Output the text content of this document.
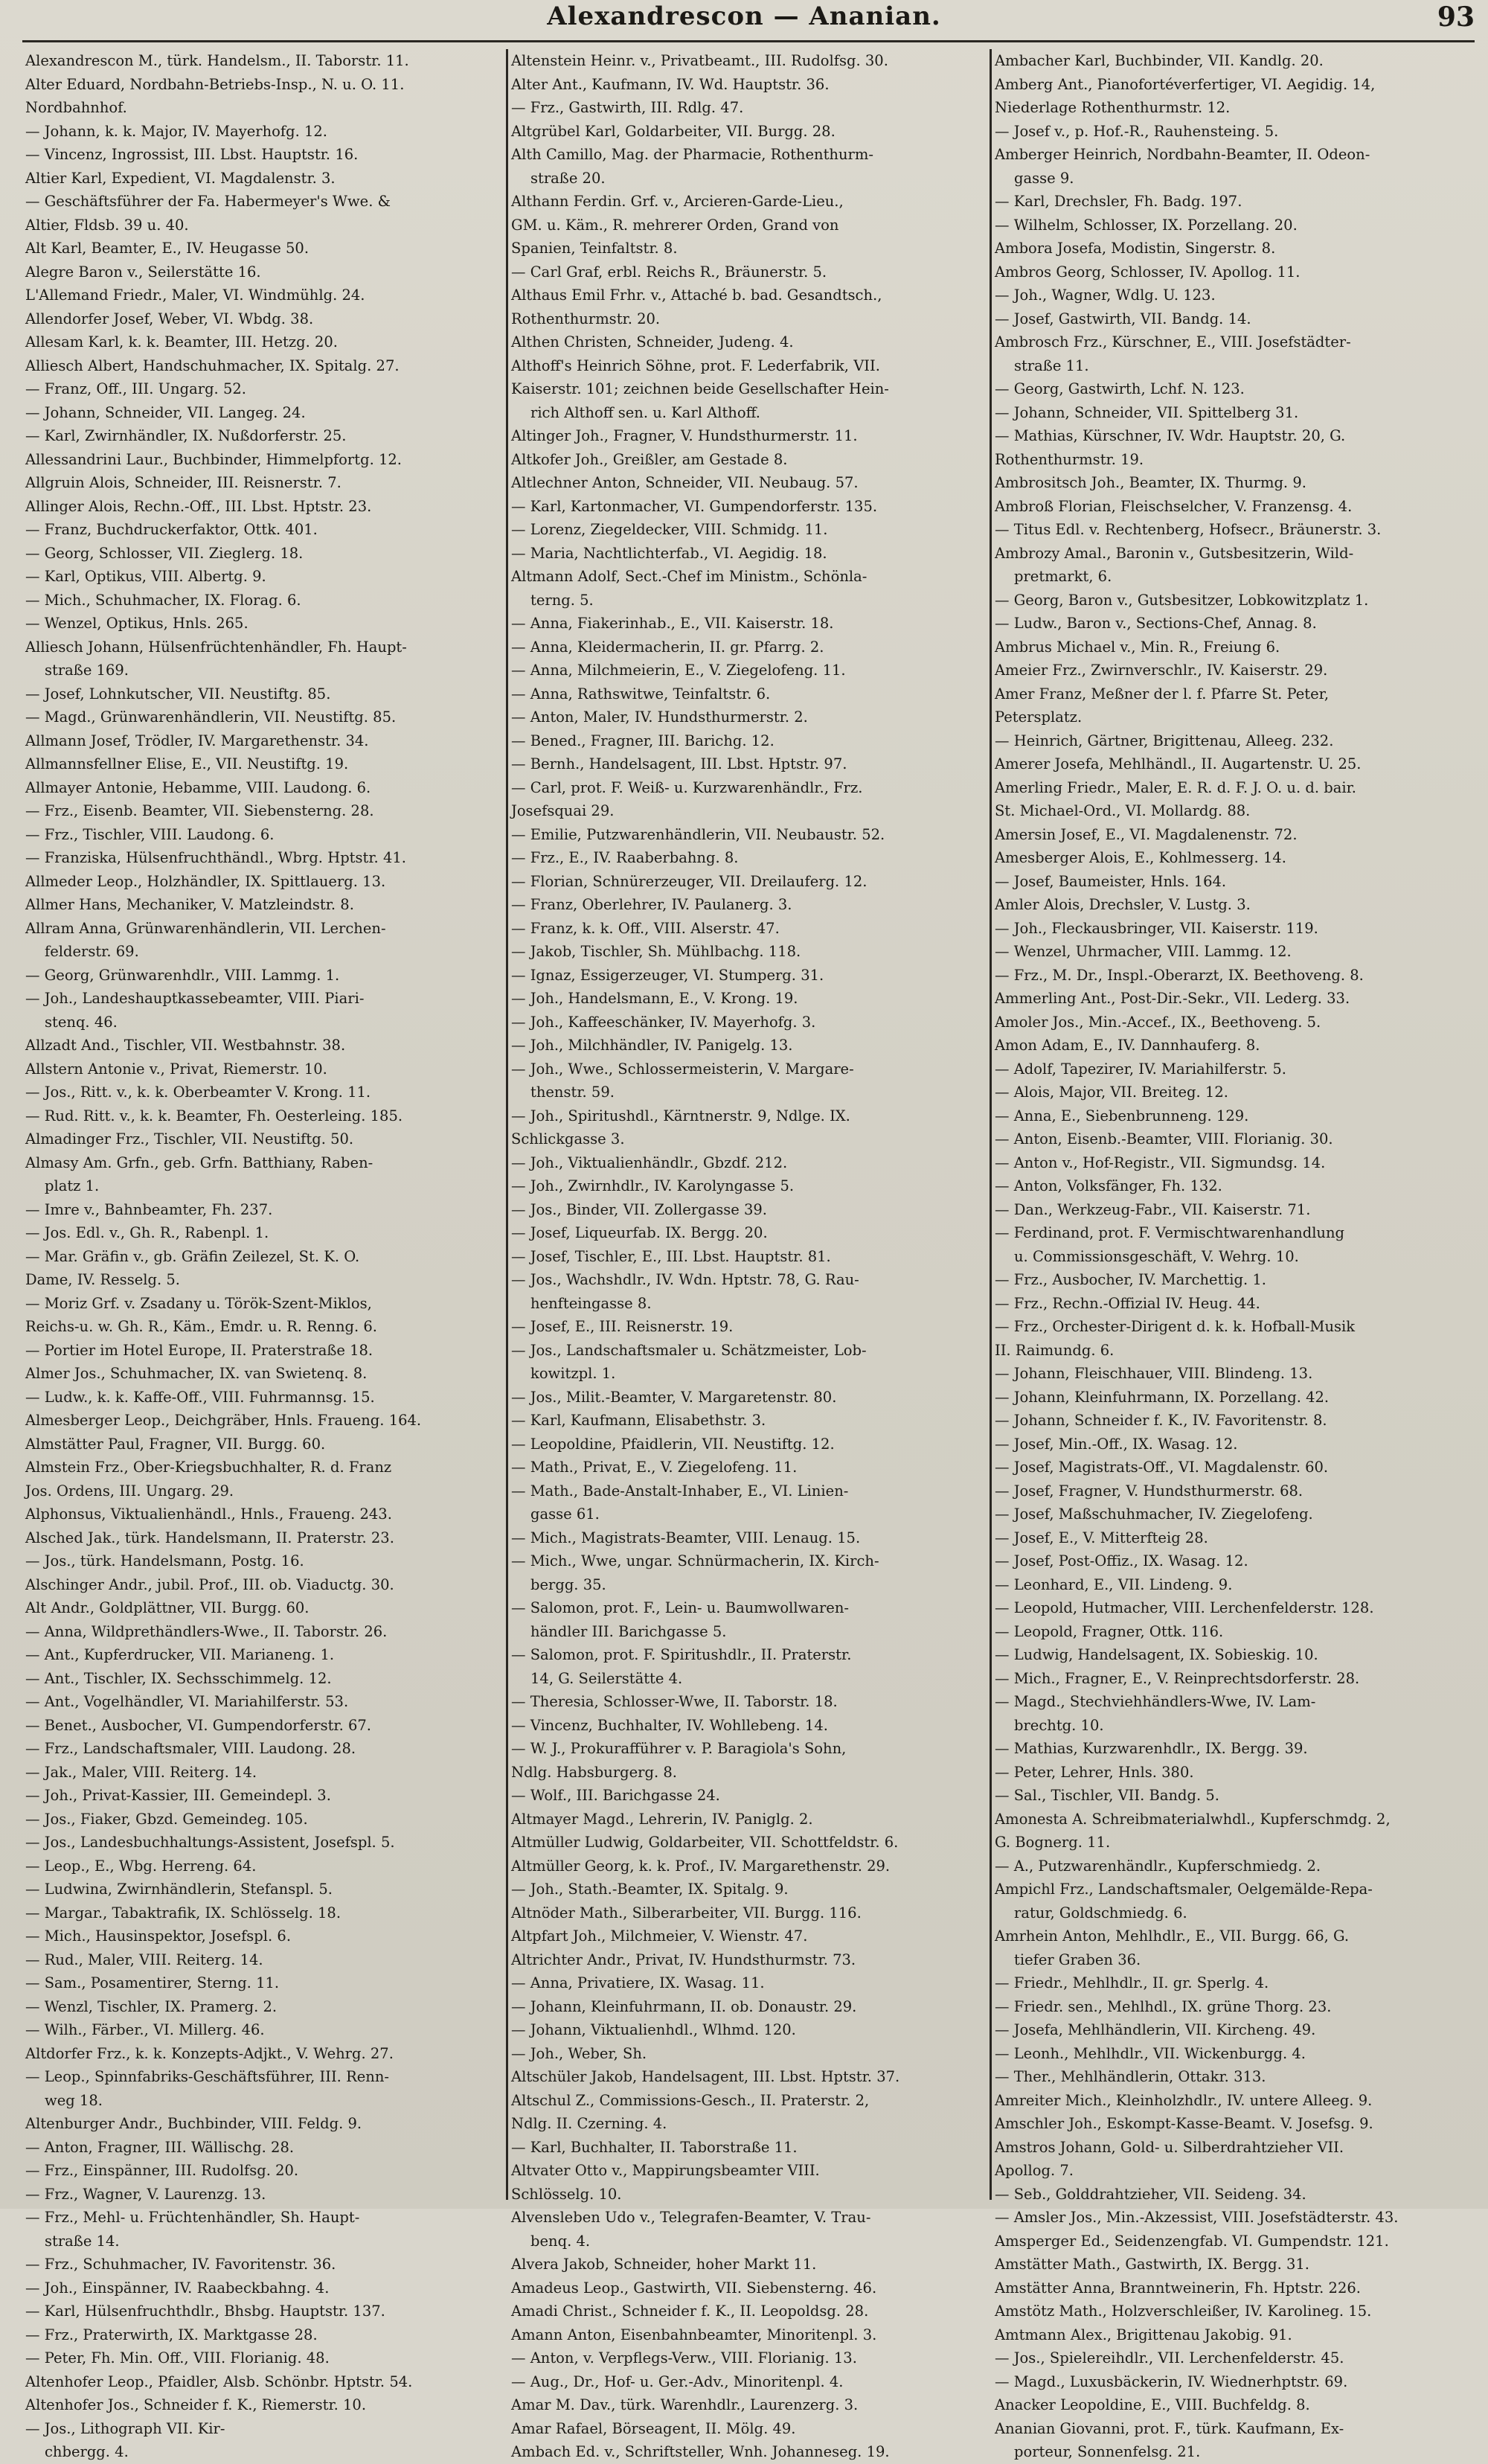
Alexandrescon — Ananian.	93
Alexandrescon M., türk. Handelsm., II. Taborstr. 11.
Alter Eduard, Nordbahn-Betriebs-Insp., N. u. O. 11.
Nordbahnhof.
— Johann, k. k. Major, IV. Mayerhofg. 12.
— Vincenz, Ingrossist, III. Lbst. Hauptstr. 16.
Altier Karl, Expedient, VI. Magdalenstr. 3.
— Geschäftsführer der Fa. Habermeyer's Wwe. &
Altier, Fldsb. 39 u. 40.
Alt Karl, Beamter, E., IV. Heugasse 50.
Alegre Baron v., Seilerstätte 16.
L'Allemand Friedr., Maler, VI. Windmühlg. 24.
Allendorfer Josef, Weber, VI. Wbdg. 38.
Allesam Karl, k. k. Beamter, III. Hetzg. 20.
Alliesch Albert, Handschuhmacher, IX. Spitalg. 27.
— Franz, Off., III. Ungarg. 52.
— Johann, Schneider, VII. Langeg. 24.
— Karl, Zwirnhändler, IX. Nußdorferstr. 25.
Allessandrini Laur., Buchbinder, Himmelpfortg. 12.
Allgruin Alois, Schneider, III. Reisnerstr. 7.
Allinger Alois, Rechn.-Off., III. Lbst. Hptstr. 23.
— Franz, Buchdruckerfaktor, Ottk. 401.
— Georg, Schlosser, VII. Zieglerg. 18.
— Karl, Optikus, VIII. Albertg. 9.
— Mich., Schuhmacher, IX. Florag. 6.
— Wenzel, Optikus, Hnls. 265.
Alliesch Johann, Hülsenfrüchtenhändler, Fh. Haupt-
straße 169.
— Josef, Lohnkutscher, VII. Neustiftg. 85.
— Magd., Grünwarenhändlerin, VII. Neustiftg. 85.
Allmann Josef, Trödler, IV. Margarethenstr. 34.
Allmannsfellner Elise, E., VII. Neustiftg. 19.
Allmayer Antonie, Hebamme, VIII. Laudong. 6.
— Frz., Eisenb. Beamter, VII. Siebensterng. 28.
— Frz., Tischler, VIII. Laudong. 6.
— Franziska, Hülsenfruchthändl., Wbrg. Hptstr. 41.
Allmeder Leop., Holzhändler, IX. Spittlauerg. 13.
Allmer Hans, Mechaniker, V. Matzleindstr. 8.
Allram Anna, Grünwarenhändlerin, VII. Lerchen-
felderstr. 69.
— Georg, Grünwarenhdlr., VIII. Lammg. 1.
— Joh., Landeshauptkassebeamter, VIII. Piari-
stenq. 46.
Allzadt And., Tischler, VII. Westbahnstr. 38.
Allstern Antonie v., Privat, Riemerstr. 10.
— Jos., Ritt. v., k. k. Oberbeamter V. Krong. 11.
— Rud. Ritt. v., k. k. Beamter, Fh. Oesterleing. 185.
Almadinger Frz., Tischler, VII. Neustiftg. 50.
Almasy Am. Grfn., geb. Grfn. Batthiany, Raben-
platz 1.
— Imre v., Bahnbeamter, Fh. 237.
— Jos. Edl. v., Gh. R., Rabenpl. 1.
— Mar. Gräfin v., gb. Gräfin Zeilezel, St. K. O.
Dame, IV. Resselg. 5.
— Moriz Grf. v. Zsadany u. Török-Szent-Miklos,
Reichs-u. w. Gh. R., Käm., Emdr. u. R. Renng. 6.
— Portier im Hotel Europe, II. Praterstraße 18.
Almer Jos., Schuhmacher, IX. van Swietenq. 8.
— Ludw., k. k. Kaffe-Off., VIII. Fuhrmannsg. 15.
Almesberger Leop., Deichgräber, Hnls. Fraueng. 164.
Almstätter Paul, Fragner, VII. Burgg. 60.
Almstein Frz., Ober-Kriegsbuchhalter, R. d. Franz
Jos. Ordens, III. Ungarg. 29.
Alphonsus, Viktualienhändl., Hnls., Fraueng. 243.
Alsched Jak., türk. Handelsmann, II. Praterstr. 23.
— Jos., türk. Handelsmann, Postg. 16.
Alschinger Andr., jubil. Prof., III. ob. Viaductg. 30.
Alt Andr., Goldplättner, VII. Burgg. 60.
— Anna, Wildprethändlers-Wwe., II. Taborstr. 26.
— Ant., Kupferdrucker, VII. Marianeng. 1.
— Ant., Tischler, IX. Sechsschimmelg. 12.
— Ant., Vogelhändler, VI. Mariahilferstr. 53.
— Benet., Ausbocher, VI. Gumpendorferstr. 67.
— Frz., Landschaftsmaler, VIII. Laudong. 28.
— Jak., Maler, VIII. Reiterg. 14.
— Joh., Privat-Kassier, III. Gemeindepl. 3.
— Jos., Fiaker, Gbzd. Gemeindeg. 105.
— Jos., Landesbuchhaltungs-Assistent, Josefspl. 5.
— Leop., E., Wbg. Herreng. 64.
— Ludwina, Zwirnhändlerin, Stefanspl. 5.
— Margar., Tabaktrafik, IX. Schlösselg. 18.
— Mich., Hausinspektor, Josefspl. 6.
— Rud., Maler, VIII. Reiterg. 14.
— Sam., Posamentirer, Sterng. 11.
— Wenzl, Tischler, IX. Pramerg. 2.
— Wilh., Färber., VI. Millerg. 46.
Altdorfer Frz., k. k. Konzepts-Adjkt., V. Wehrg. 27.
— Leop., Spinnfabriks-Geschäftsführer, III. Renn-
weg 18.
Altenburger Andr., Buchbinder, VIII. Feldg. 9.
— Anton, Fragner, III. Wällischg. 28.
— Frz., Einspänner, III. Rudolfsg. 20.
— Frz., Wagner, V. Laurenzg. 13.
— Frz., Mehl- u. Früchtenhändler, Sh. Haupt-
straße 14.
— Frz., Schuhmacher, IV. Favoritenstr. 36.
— Joh., Einspänner, IV. Raabeckbahng. 4.
— Karl, Hülsenfruchthdlr., Bhsbg. Hauptstr. 137.
— Frz., Praterwirth, IX. Marktgasse 28.
— Peter, Fh. Min. Off., VIII. Florianig. 48.
Altenhofer Leop., Pfaidler, Alsb. Schönbr. Hptstr. 54.
Altenhofer Jos., Schneider f. K., Riemerstr. 10.
— Jos., Lithograph VII. Kir-
chbergg. 4.
Altenstein Heinr. v., Privatbeamt., III. Rudolfsg. 30.
Alter Ant., Kaufmann, IV. Wd. Hauptstr. 36.
— Frz., Gastwirth, III. Rdlg. 47.
Altgrübel Karl, Goldarbeiter, VII. Burgg. 28.
Alth Camillo, Mag. der Pharmacie, Rothenthurm-
straße 20.
Althann Ferdin. Grf. v., Arcieren-Garde-Lieu.,
GM. u. Käm., R. mehrerer Orden, Grand von
Spanien, Teinfaltstr. 8.
— Carl Graf, erbl. Reichs R., Bräunerstr. 5.
Althaus Emil Frhr. v., Attaché b. bad. Gesandtsch.,
Rothenthurmstr. 20.
Althen Christen, Schneider, Judeng. 4.
Althoff's Heinrich Söhne, prot. F. Lederfabrik, VII.
Kaiserstr. 101; zeichnen beide Gesellschafter Hein-
rich Althoff sen. u. Karl Althoff.
Altinger Joh., Fragner, V. Hundsthurmerstr. 11.
Altkofer Joh., Greißler, am Gestade 8.
Altlechner Anton, Schneider, VII. Neubaug. 57.
— Karl, Kartonmacher, VI. Gumpendorferstr. 135.
— Lorenz, Ziegeldecker, VIII. Schmidg. 11.
— Maria, Nachtlichterfab., VI. Aegidig. 18.
Altmann Adolf, Sect.-Chef im Ministm., Schönla-
terng. 5.
— Anna, Fiakerinhab., E., VII. Kaiserstr. 18.
— Anna, Kleidermacherin, II. gr. Pfarrg. 2.
— Anna, Milchmeierin, E., V. Ziegelofeng. 11.
— Anna, Rathswitwe, Teinfaltstr. 6.
— Anton, Maler, IV. Hundsthurmerstr. 2.
— Bened., Fragner, III. Barichg. 12.
— Bernh., Handelsagent, III. Lbst. Hptstr. 97.
— Carl, prot. F. Weiß- u. Kurzwarenhändlr., Frz.
Josefsquai 29.
— Emilie, Putzwarenhändlerin, VII. Neubaustr. 52.
— Frz., E., IV. Raaberbahng. 8.
— Florian, Schnürerzeuger, VII. Dreilauferg. 12.
— Franz, Oberlehrer, IV. Paulanerg. 3.
— Franz, k. k. Off., VIII. Alserstr. 47.
— Jakob, Tischler, Sh. Mühlbachg. 118.
— Ignaz, Essigerzeuger, VI. Stumperg. 31.
— Joh., Handelsmann, E., V. Krong. 19.
— Joh., Kaffeeschänker, IV. Mayerhofg. 3.
— Joh., Milchhändler, IV. Panigelg. 13.
— Joh., Wwe., Schlossermeisterin, V. Margare-
thenstr. 59.
— Joh., Spiritushdl., Kärntnerstr. 9, Ndlge. IX.
Schlickgasse 3.
— Joh., Viktualienhändlr., Gbzdf. 212.
— Joh., Zwirnhdlr., IV. Karolyngasse 5.
— Jos., Binder, VII. Zollergasse 39.
— Josef, Liqueurfab. IX. Bergg. 20.
— Josef, Tischler, E., III. Lbst. Hauptstr. 81.
— Jos., Wachshdlr., IV. Wdn. Hptstr. 78, G. Rau-
henfteingasse 8.
— Josef, E., III. Reisnerstr. 19.
— Jos., Landschaftsmaler u. Schätzmeister, Lob-
kowitzpl. 1.
— Jos., Milit.-Beamter, V. Margaretenstr. 80.
— Karl, Kaufmann, Elisabethstr. 3.
— Leopoldine, Pfaidlerin, VII. Neustiftg. 12.
— Math., Privat, E., V. Ziegelofeng. 11.
— Math., Bade-Anstalt-Inhaber, E., VI. Linien-
gasse 61.
— Mich., Magistrats-Beamter, VIII. Lenaug. 15.
— Mich., Wwe, ungar. Schnürmacherin, IX. Kirch-
bergg. 35.
— Salomon, prot. F., Lein- u. Baumwollwaren-
händler III. Barichgasse 5.
— Salomon, prot. F. Spiritushdlr., II. Praterstr.
14, G. Seilerstätte 4.
— Theresia, Schlosser-Wwe, II. Taborstr. 18.
— Vincenz, Buchhalter, IV. Wohllebeng. 14.
— W. J., Prokurafführer v. P. Baragiola's Sohn,
Ndlg. Habsburgerg. 8.
— Wolf., III. Barichgasse 24.
Altmayer Magd., Lehrerin, IV. Paniglg. 2.
Altmüller Ludwig, Goldarbeiter, VII. Schottfeldstr. 6.
Altmüller Georg, k. k. Prof., IV. Margarethenstr. 29.
— Joh., Stath.-Beamter, IX. Spitalg. 9.
Altnöder Math., Silberarbeiter, VII. Burgg. 116.
Altpfart Joh., Milchmeier, V. Wienstr. 47.
Altrichter Andr., Privat, IV. Hundsthurmstr. 73.
— Anna, Privatiere, IX. Wasag. 11.
— Johann, Kleinfuhrmann, II. ob. Donaustr. 29.
— Johann, Viktualienhdl., Wlhmd. 120.
— Joh., Weber, Sh.
Altschüler Jakob, Handelsagent, III. Lbst. Hptstr. 37.
Altschul Z., Commissions-Gesch., II. Praterstr. 2,
Ndlg. II. Czerning. 4.
— Karl, Buchhalter, II. Taborstraße 11.
Altvater Otto v., Mappirungsbeamter VIII.
Schlösselg. 10.
Alvensleben Udo v., Telegrafen-Beamter, V. Trau-
benq. 4.
Alvera Jakob, Schneider, hoher Markt 11.
Amadeus Leop., Gastwirth, VII. Siebensterng. 46.
Amadi Christ., Schneider f. K., II. Leopoldsg. 28.
Amann Anton, Eisenbahnbeamter, Minoritenpl. 3.
— Anton, v. Verpflegs-Verw., VIII. Florianig. 13.
— Aug., Dr., Hof- u. Ger.-Adv., Minoritenpl. 4.
Amar M. Dav., türk. Warenhdlr., Laurenzerg. 3.
Amar Rafael, Börseagent, II. Mölg. 49.
Ambach Ed. v., Schriftsteller, Wnh. Johanneseg. 19.
Ambacher Karl, Buchbinder, VII. Kandlg. 20.
Amberg Ant., Pianofortéverfertiger, VI. Aegidig. 14,
Niederlage Rothenthurmstr. 12.
— Josef v., p. Hof.-R., Rauhensteing. 5.
Amberger Heinrich, Nordbahn-Beamter, II. Odeon-
gasse 9.
— Karl, Drechsler, Fh. Badg. 197.
— Wilhelm, Schlosser, IX. Porzellang. 20.
Ambora Josefa, Modistin, Singerstr. 8.
Ambros Georg, Schlosser, IV. Apollog. 11.
— Joh., Wagner, Wdlg. U. 123.
— Josef, Gastwirth, VII. Bandg. 14.
Ambrosch Frz., Kürschner, E., VIII. Josefstädter-
straße 11.
— Georg, Gastwirth, Lchf. N. 123.
— Johann, Schneider, VII. Spittelberg 31.
— Mathias, Kürschner, IV. Wdr. Hauptstr. 20, G.
Rothenthurmstr. 19.
Ambrositsch Joh., Beamter, IX. Thurmg. 9.
Ambroß Florian, Fleischselcher, V. Franzensg. 4.
— Titus Edl. v. Rechtenberg, Hofsecr., Bräunerstr. 3.
Ambrozy Amal., Baronin v., Gutsbesitzerin, Wild-
pretmarkt, 6.
— Georg, Baron v., Gutsbesitzer, Lobkowitzplatz 1.
— Ludw., Baron v., Sections-Chef, Annag. 8.
Ambrus Michael v., Min. R., Freiung 6.
Ameier Frz., Zwirnverschlr., IV. Kaiserstr. 29.
Amer Franz, Meßner der l. f. Pfarre St. Peter,
Petersplatz.
— Heinrich, Gärtner, Brigittenau, Alleeg. 232.
Amerer Josefa, Mehlhändl., II. Augartenstr. U. 25.
Amerling Friedr., Maler, E. R. d. F. J. O. u. d. bair.
St. Michael-Ord., VI. Mollardg. 88.
Amersin Josef, E., VI. Magdalenenstr. 72.
Amesberger Alois, E., Kohlmesserg. 14.
— Josef, Baumeister, Hnls. 164.
Amler Alois, Drechsler, V. Lustg. 3.
— Joh., Fleckausbringer, VII. Kaiserstr. 119.
— Wenzel, Uhrmacher, VIII. Lammg. 12.
— Frz., M. Dr., Inspl.-Oberarzt, IX. Beethoveng. 8.
Ammerling Ant., Post-Dir.-Sekr., VII. Lederg. 33.
Amoler Jos., Min.-Accef., IX., Beethoveng. 5.
Amon Adam, E., IV. Dannhauferg. 8.
— Adolf, Tapezirer, IV. Mariahilferstr. 5.
— Alois, Major, VII. Breiteg. 12.
— Anna, E., Siebenbrunneng. 129.
— Anton, Eisenb.-Beamter, VIII. Florianig. 30.
— Anton v., Hof-Registr., VII. Sigmundsg. 14.
— Anton, Volksfänger, Fh. 132.
— Dan., Werkzeug-Fabr., VII. Kaiserstr. 71.
— Ferdinand, prot. F. Vermischtwarenhandlung
u. Commissionsgeschäft, V. Wehrg. 10.
— Frz., Ausbocher, IV. Marchettig. 1.
— Frz., Rechn.-Offizial IV. Heug. 44.
— Frz., Orchester-Dirigent d. k. k. Hofball-Musik
II. Raimundg. 6.
— Johann, Fleischhauer, VIII. Blindeng. 13.
— Johann, Kleinfuhrmann, IX. Porzellang. 42.
— Johann, Schneider f. K., IV. Favoritenstr. 8.
— Josef, Min.-Off., IX. Wasag. 12.
— Josef, Magistrats-Off., VI. Magdalenstr. 60.
— Josef, Fragner, V. Hundsthurmerstr. 68.
— Josef, Maßschuhmacher, IV. Ziegelofeng.
— Josef, E., V. Mitterfteig 28.
— Josef, Post-Offiz., IX. Wasag. 12.
— Leonhard, E., VII. Lindeng. 9.
— Leopold, Hutmacher, VIII. Lerchenfelderstr. 128.
— Leopold, Fragner, Ottk. 116.
— Ludwig, Handelsagent, IX. Sobieskig. 10.
— Mich., Fragner, E., V. Reinprechtsdorferstr. 28.
— Magd., Stechviehhändlers-Wwe, IV. Lam-
brechtg. 10.
— Mathias, Kurzwarenhdlr., IX. Bergg. 39.
— Peter, Lehrer, Hnls. 380.
— Sal., Tischler, VII. Bandg. 5.
Amonesta A. Schreibmaterialwhdl., Kupferschmdg. 2,
G. Bognerg. 11.
— A., Putzwarenhändlr., Kupferschmiedg. 2.
Ampichl Frz., Landschaftsmaler, Oelgemälde-Repa-
ratur, Goldschmiedg. 6.
Amrhein Anton, Mehlhdlr., E., VII. Burgg. 66, G.
tiefer Graben 36.
— Friedr., Mehlhdlr., II. gr. Sperlg. 4.
— Friedr. sen., Mehlhdl., IX. grüne Thorg. 23.
— Josefa, Mehlhändlerin, VII. Kircheng. 49.
— Leonh., Mehlhdlr., VII. Wickenburgg. 4.
— Ther., Mehlhändlerin, Ottakr. 313.
Amreiter Mich., Kleinholzhdlr., IV. untere Alleeg. 9.
Amschler Joh., Eskompt-Kasse-Beamt. V. Josefsg. 9.
Amstros Johann, Gold- u. Silberdrahtzieher VII.
Apollog. 7.
— Seb., Golddrahtzieher, VII. Seideng. 34.
— Amsler Jos., Min.-Akzessist, VIII. Josefstädterstr. 43.
Amsperger Ed., Seidenzengfab. VI. Gumpendstr. 121.
Amstätter Math., Gastwirth, IX. Bergg. 31.
Amstätter Anna, Branntweinerin, Fh. Hptstr. 226.
Amstötz Math., Holzverschleißer, IV. Karolineg. 15.
Amtmann Alex., Brigittenau Jakobig. 91.
— Jos., Spielereihdlr., VII. Lerchenfelderstr. 45.
— Magd., Luxusbäckerin, IV. Wiednerhptstr. 69.
Anacker Leopoldine, E., VIII. Buchfeldg. 8.
Ananian Giovanni, prot. F., türk. Kaufmann, Ex-
porteur, Sonnenfelsg. 21.
